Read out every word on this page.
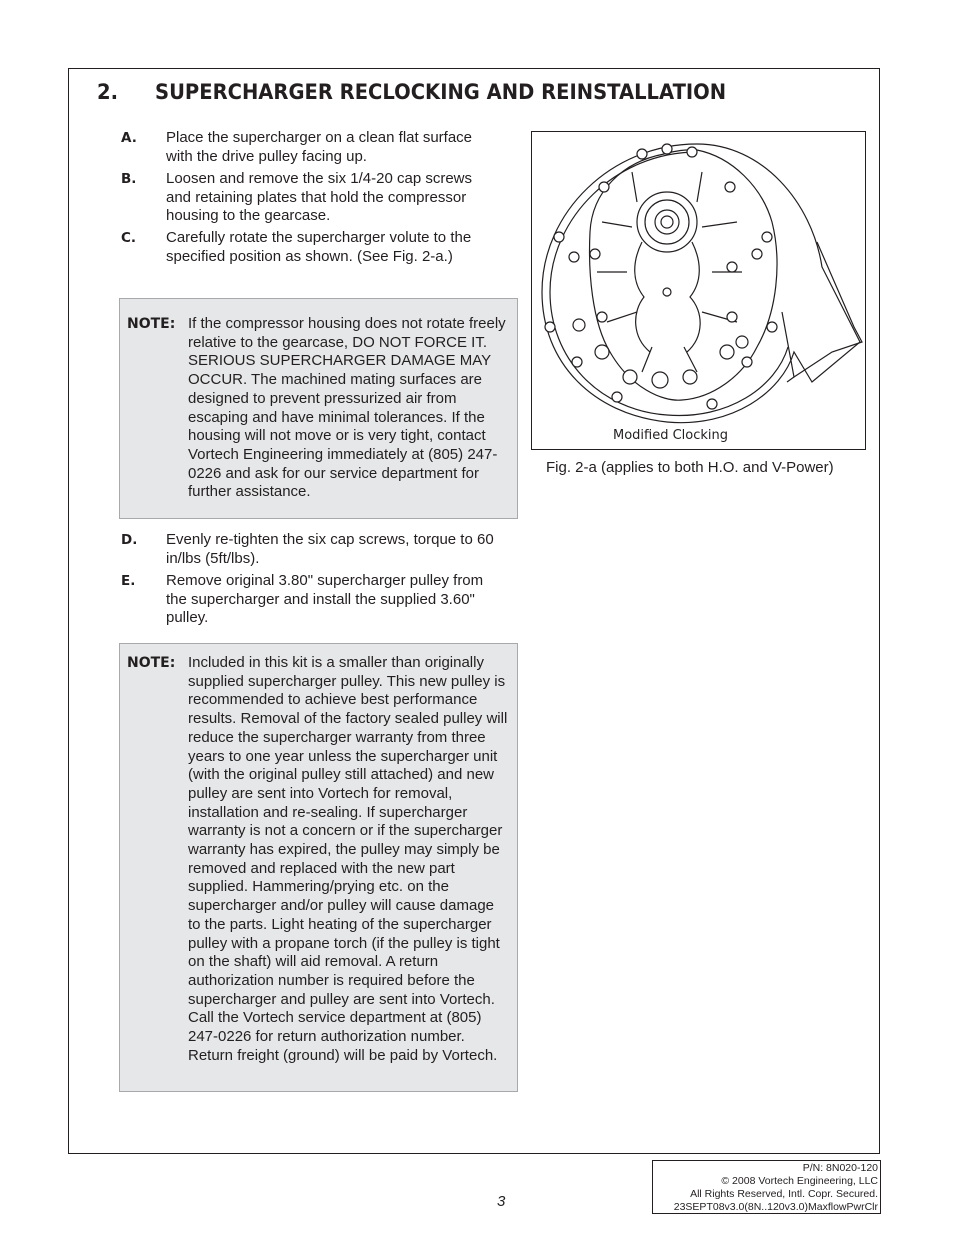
2. SUPERCHARGER RECLOCKING AND REINSTALLATION
A. Place the supercharger on a clean flat surface with the drive pulley facing up.
B. Loosen and remove the six 1/4-20 cap screws and retaining plates that hold the compressor housing to the gearcase.
C. Carefully rotate the supercharger volute to the specified position as shown. (See Fig. 2-a.)
NOTE: If the compressor housing does not rotate freely relative to the gearcase, DO NOT FORCE IT. SERIOUS SUPERCHARGER DAMAGE MAY OCCUR. The machined mating surfaces are designed to prevent pressurized air from escaping and have minimal tolerances. If the housing will not move or is very tight, contact Vortech Engineering immediately at (805) 247-0226 and ask for our service department for further assistance.
D. Evenly re-tighten the six cap screws, torque to 60 in/lbs (5ft/lbs).
E. Remove original 3.80" supercharger pulley from the supercharger and install the supplied 3.60" pulley.
NOTE: Included in this kit is a smaller than originally supplied supercharger pulley. This new pulley is recommended to achieve best performance results. Removal of the factory sealed pulley will reduce the supercharger warranty from three years to one year unless the supercharger unit (with the original pulley still attached) and new pulley are sent into Vortech for removal, installation and re-sealing. If supercharger warranty is not a concern or if the supercharger warranty has expired, the pulley may simply be removed and replaced with the new part supplied. Hammering/prying etc. on the supercharger and/or pulley will cause damage to the parts. Light heating of the supercharger pulley with a propane torch (if the pulley is tight on the shaft) will aid removal. A return authorization number is required before the supercharger and pulley are sent into Vortech. Call the Vortech service department at (805) 247-0226 for return authorization number. Return freight (ground) will be paid by Vortech.
Modified Clocking
Fig. 2-a (applies to both H.O. and V-Power)
3
P/N: 8N020-120
© 2008 Vortech Engineering, LLC
All Rights Reserved, Intl. Copr. Secured.
23SEPT08v3.0(8N..120v3.0)MaxflowPwrClr
